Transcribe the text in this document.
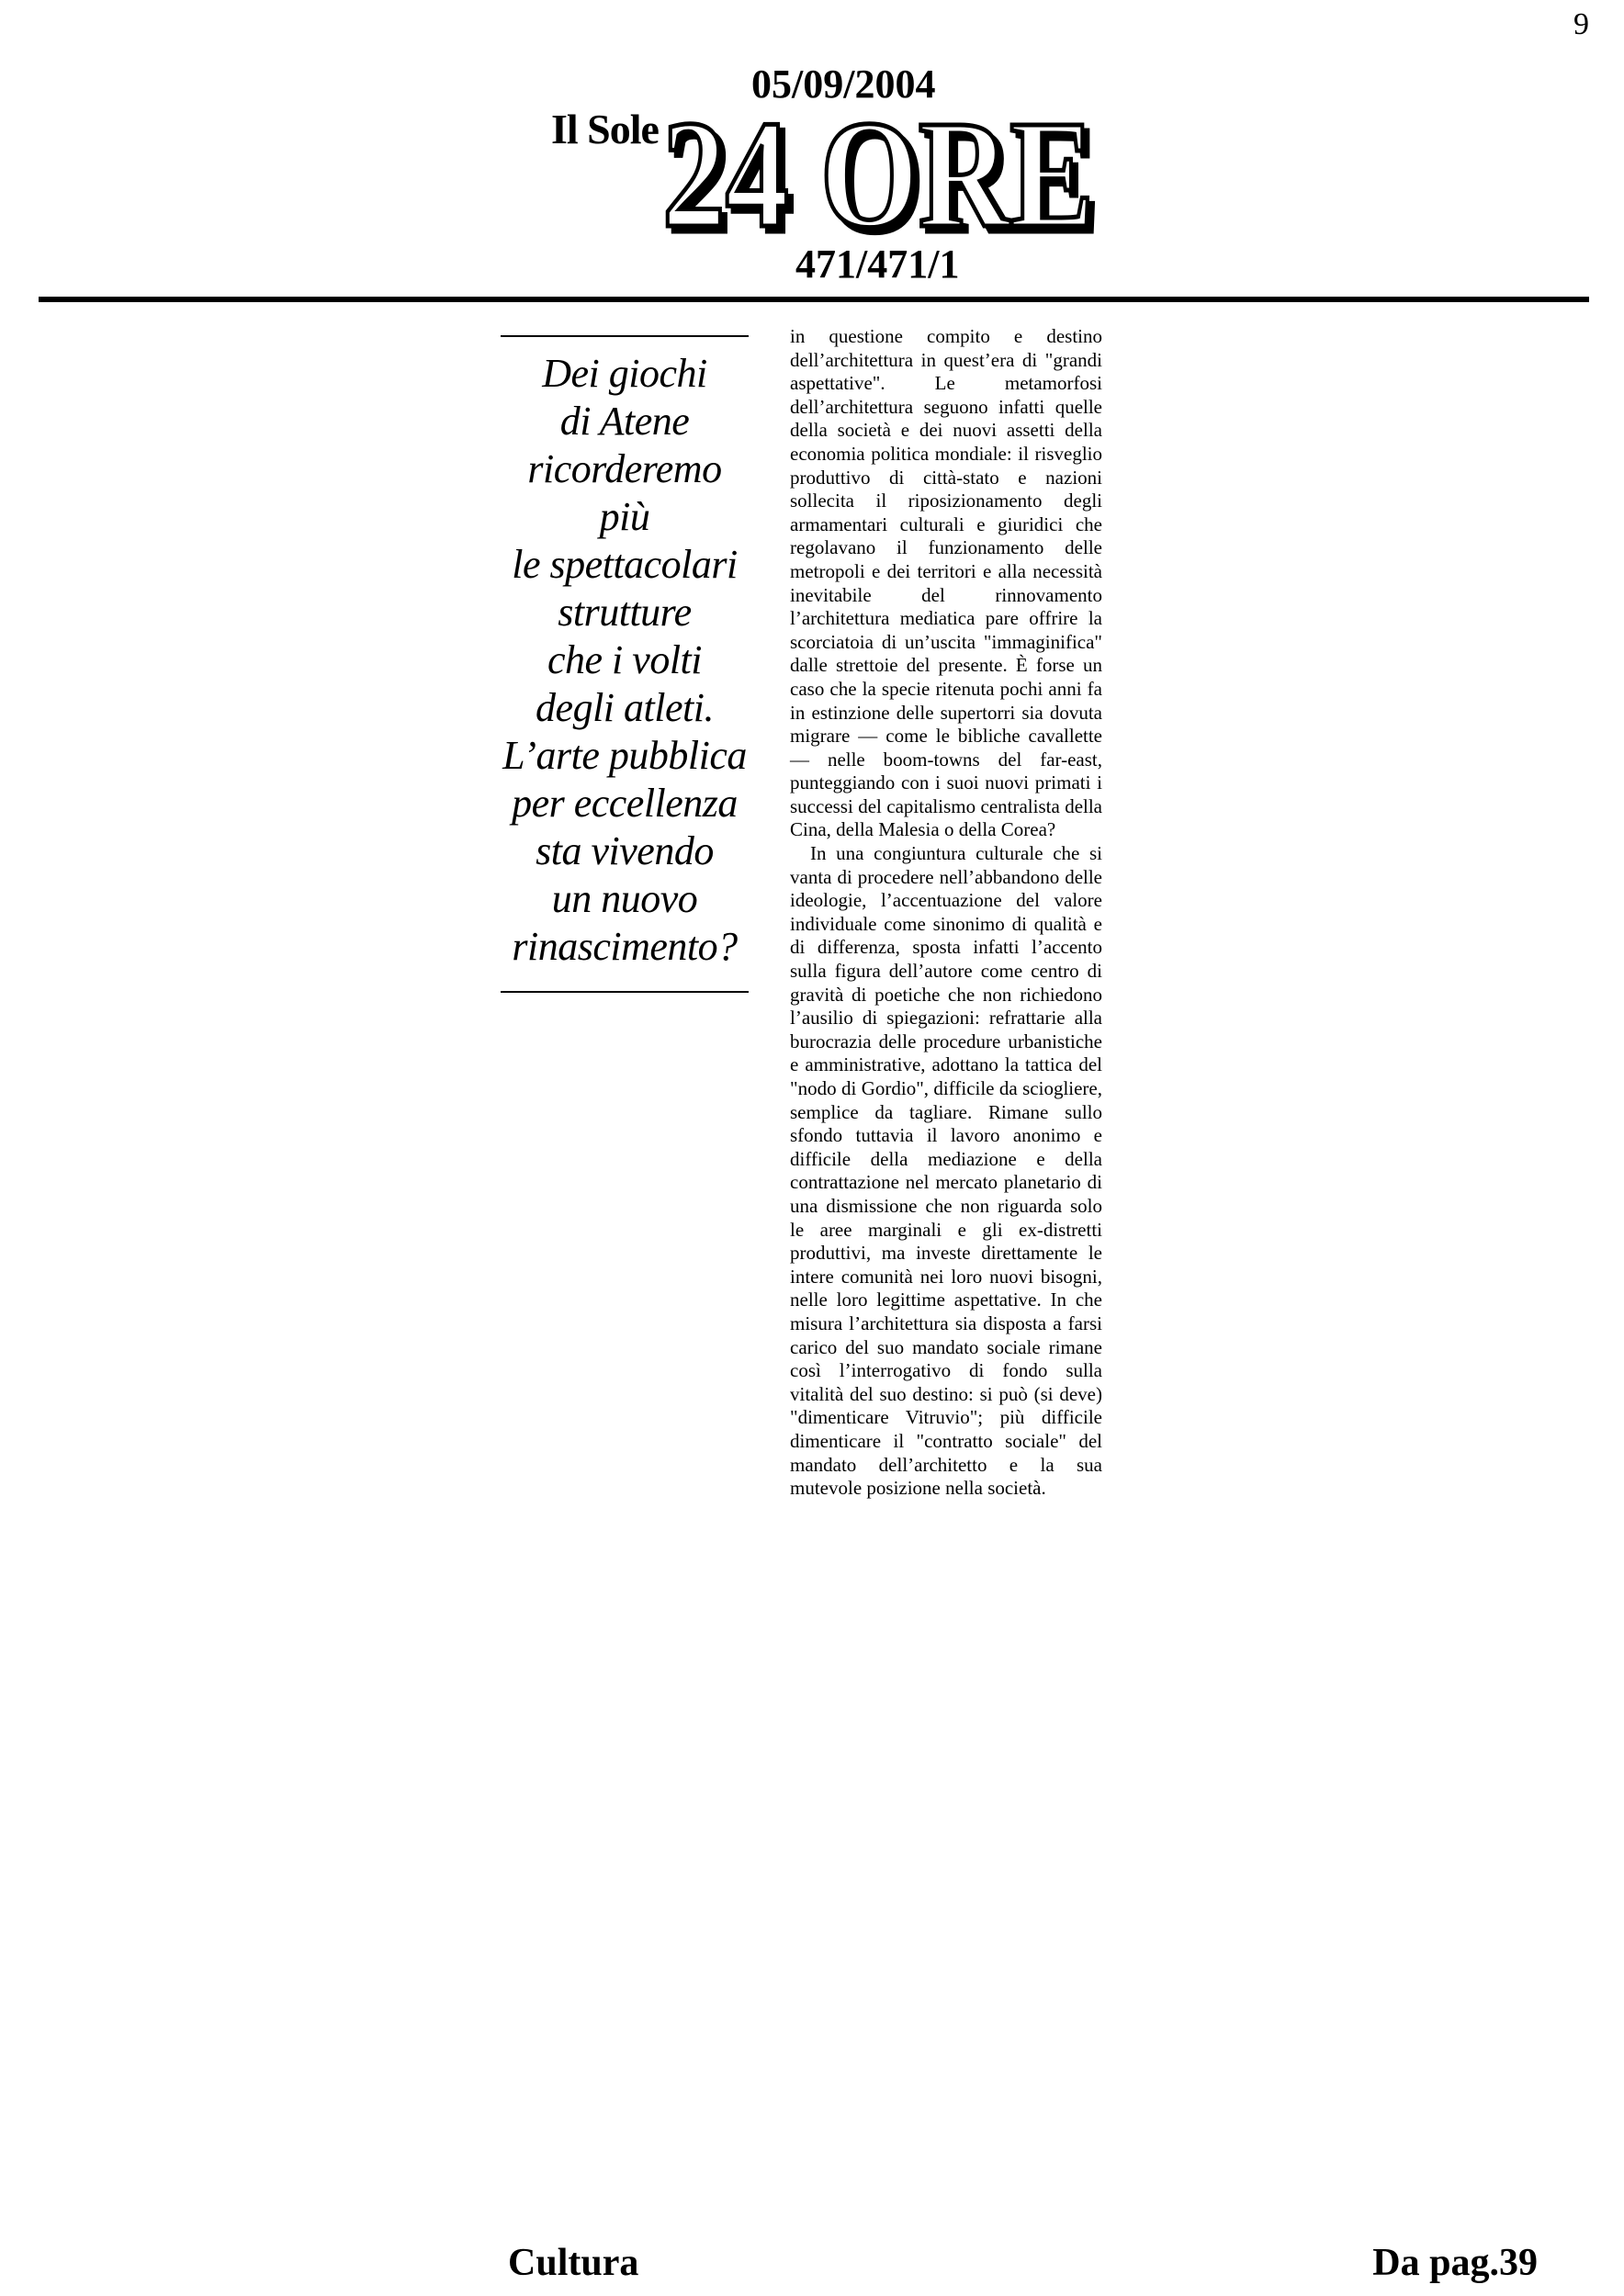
9
05/09/2004
Il Sole 24 ORE
471/471/1
Dei giochi
di Atene
ricorderemo più
le spettacolari
strutture
che i volti
degli atleti.
L’arte pubblica
per eccellenza
sta vivendo
un nuovo
rinascimento?

in questione compito e destino dell’architettura in quest’era di "grandi aspettative". Le metamorfosi dell’architettura seguono infatti quelle della società e dei nuovi assetti della economia politica mondiale: il risveglio produttivo di città-stato e nazioni sollecita il riposizionamento degli armamentari culturali e giuridici che regolavano il funzionamento delle metropoli e dei territori e alla necessità inevitabile del rinnovamento l’architettura mediatica pare offrire la scorciatoia di un’uscita "immaginifica" dalle strettoie del presente. È forse un caso che la specie ritenuta pochi anni fa in estinzione delle supertorri sia dovuta migrare — come le bibliche cavallette — nelle boom-towns del far-east, punteggiando con i suoi nuovi primati i successi del capitalismo centralista della Cina, della Malesia o della Corea?

In una congiuntura culturale che si vanta di procedere nell’abbandono delle ideologie, l’accentuazione del valore individuale come sinonimo di qualità e di differenza, sposta infatti l’accento sulla figura dell’autore come centro di gravità di poetiche che non richiedono l’ausilio di spiegazioni: refrattarie alla burocrazia delle procedure urbanistiche e amministrative, adottano la tattica del "nodo di Gordio", difficile da sciogliere, semplice da tagliare. Rimane sullo sfondo tuttavia il lavoro anonimo e difficile della mediazione e della contrattazione nel mercato planetario di una dismissione che non riguarda solo le aree marginali e gli ex-distretti produttivi, ma investe direttamente le intere comunità nei loro nuovi bisogni, nelle loro legittime aspettative. In che misura l’architettura sia disposta a farsi carico del suo mandato sociale rimane così l’interrogativo di fondo sulla vitalità del suo destino: si può (si deve) "dimenticare Vitruvio"; più difficile dimenticare il "contratto sociale" del mandato dell’architetto e la sua mutevole posizione nella società.

Cultura	Da pag.39
